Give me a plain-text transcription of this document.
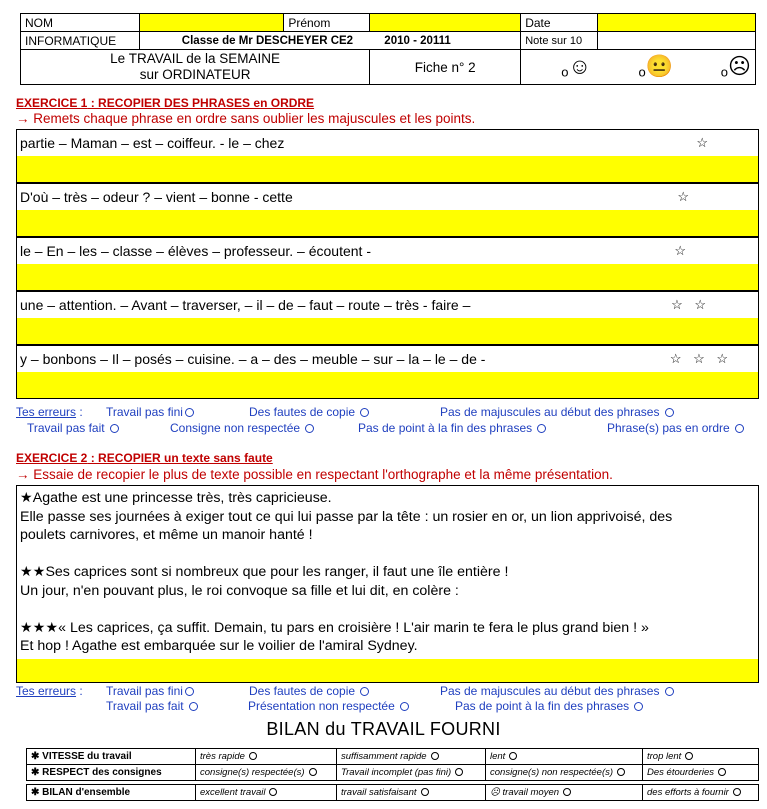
NOM		Prénom		Date	
INFORMATIQUE	Classe de Mr DESCHEYER CE2 2010 - 20111			Note sur 10	

Le TRAVAIL de la SEMAINE
sur ORDINATEUR			Fiche n° 2	o☺ o😐 o☹	
EXERCICE 1 : RECOPIER DES PHRASES en ORDRE
→ Remets chaque phrase en ordre sans oublier les majuscules et les points.
partie – Maman – est – coiffeur. - le – chez	☆
D'où – très – odeur ? – vient – bonne - cette	☆
le – En – les – classe – élèves – professeur. – écoutent -	☆
une – attention. – Avant – traverser, – il – de – faut – route – très - faire –	☆ ☆
y – bonbons – Il – posés – cuisine. – a – des – meuble – sur – la – le – de -	☆ ☆ ☆
Tes erreurs : Travail pas fini	Des fautes de copie	Pas de majuscules au début des phrases
Travail pas fait	Consigne non respectée	Pas de point à la fin des phrases	Phrase(s) pas en ordre
EXERCICE 2 : RECOPIER un texte sans faute
→ Essaie de recopier le plus de texte possible en respectant l'orthographe et la même présentation.
★Agathe est une princesse très, très capricieuse.
Elle passe ses journées à exiger tout ce qui lui passe par la tête : un rosier en or, un lion apprivoisé, des
poulets carnivores, et même un manoir hanté !

★★Ses caprices sont si nombreux que pour les ranger, il faut une île entière !
Un jour, n'en pouvant plus, le roi convoque sa fille et lui dit, en colère :

★★★« Les caprices, ça suffit. Demain, tu pars en croisière ! L'air marin te fera le plus grand bien ! »
Et hop ! Agathe est embarquée sur le voilier de l'amiral Sydney.
Tes erreurs : Travail pas fini	Des fautes de copie	Pas de majuscules au début des phrases
Travail pas fait	Présentation non respectée	Pas de point à la fin des phrases
BILAN du TRAVAIL FOURNI
✱ VITESSE du travail	très rapide	suffisamment rapide	lent	trop lent
✱ RESPECT des consignes	consigne(s) respectée(s)	Travail incomplet (pas fini)	consigne(s) non respectée(s)	Des étourderies

✱ BILAN d'ensemble	excellent travail	travail satisfaisant	☹ travail moyen	des efforts à fournir
